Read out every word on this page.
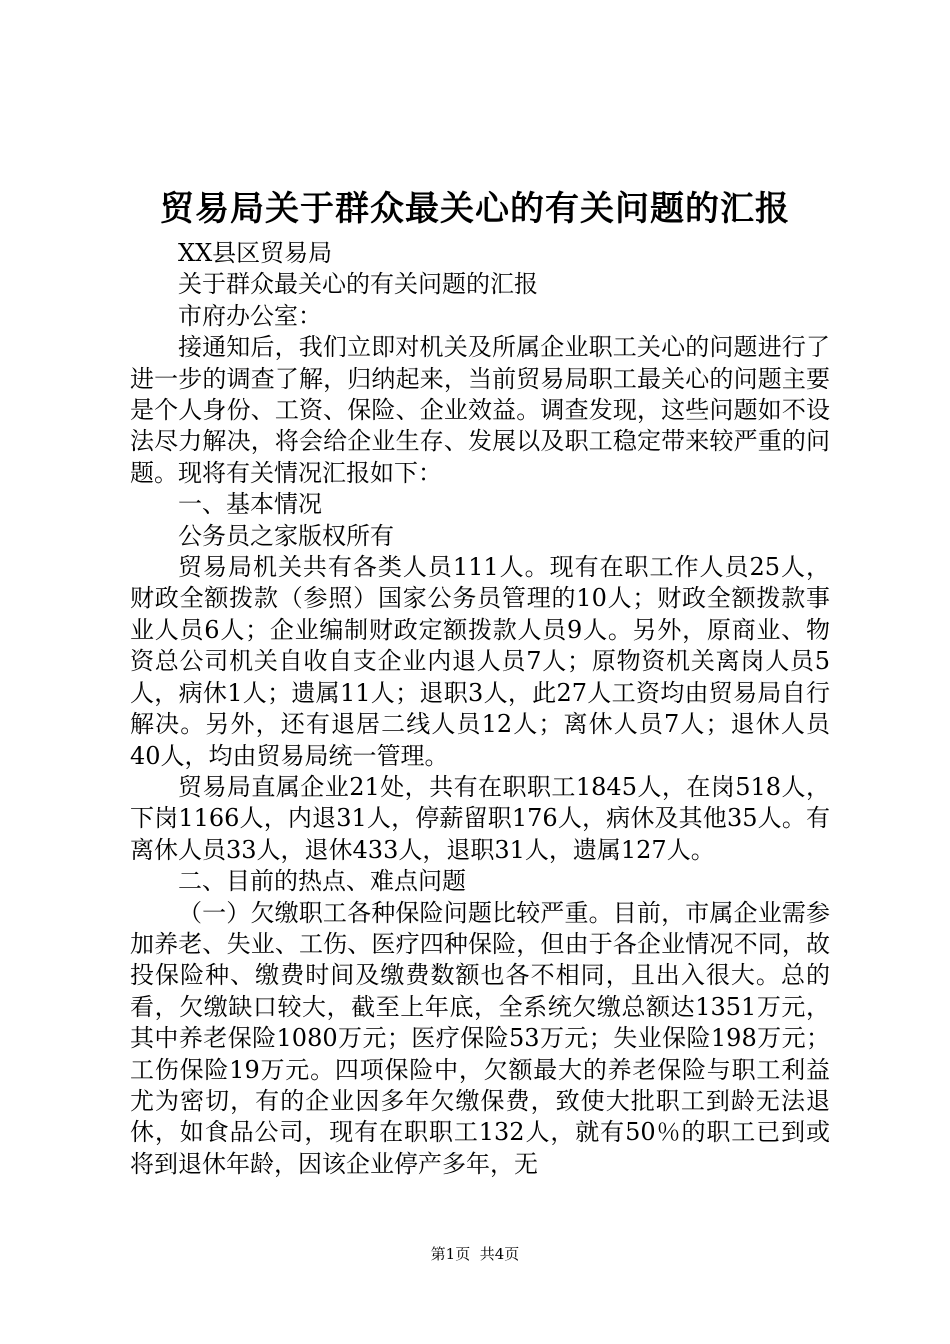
贸易局关于群众最关心的有关问题的汇报

XX县区贸易局

关于群众最关心的有关问题的汇报

市府办公室：

接通知后，我们立即对机关及所属企业职工关心的问题进行了进一步的调查了解，归纳起来，当前贸易局职工最关心的问题主要是个人身份、工资、保险、企业效益。调查发现，这些问题如不设法尽力解决，将会给企业生存、发展以及职工稳定带来较严重的问题。现将有关情况汇报如下：

一、基本情况

公务员之家版权所有

贸易局机关共有各类人员111人。现有在职工作人员25人，财政全额拨款（参照）国家公务员管理的10人；财政全额拨款事业人员6人；企业编制财政定额拨款人员9人。另外，原商业、物资总公司机关自收自支企业内退人员7人；原物资机关离岗人员5人，病休1人；遗属11人；退职3人，此27人工资均由贸易局自行解决。另外，还有退居二线人员12人；离休人员7人；退休人员40人，均由贸易局统一管理。

贸易局直属企业21处，共有在职职工1845人，在岗518人，下岗1166人，内退31人，停薪留职176人，病休及其他35人。有离休人员33人，退休433人，退职31人，遗属127人。

二、目前的热点、难点问题

（一）欠缴职工各种保险问题比较严重。目前，市属企业需参加养老、失业、工伤、医疗四种保险，但由于各企业情况不同，故投保险种、缴费时间及缴费数额也各不相同，且出入很大。总的看，欠缴缺口较大，截至上年底，全系统欠缴总额达1351万元，其中养老保险1080万元；医疗保险53万元；失业保险198万元；工伤保险19万元。四项保险中，欠额最大的养老保险与职工利益尤为密切，有的企业因多年欠缴保费，致使大批职工到龄无法退休，如食品公司，现有在职职工132人，就有50％的职工已到或将到退休年龄，因该企业停产多年，无

第1页 共4页
